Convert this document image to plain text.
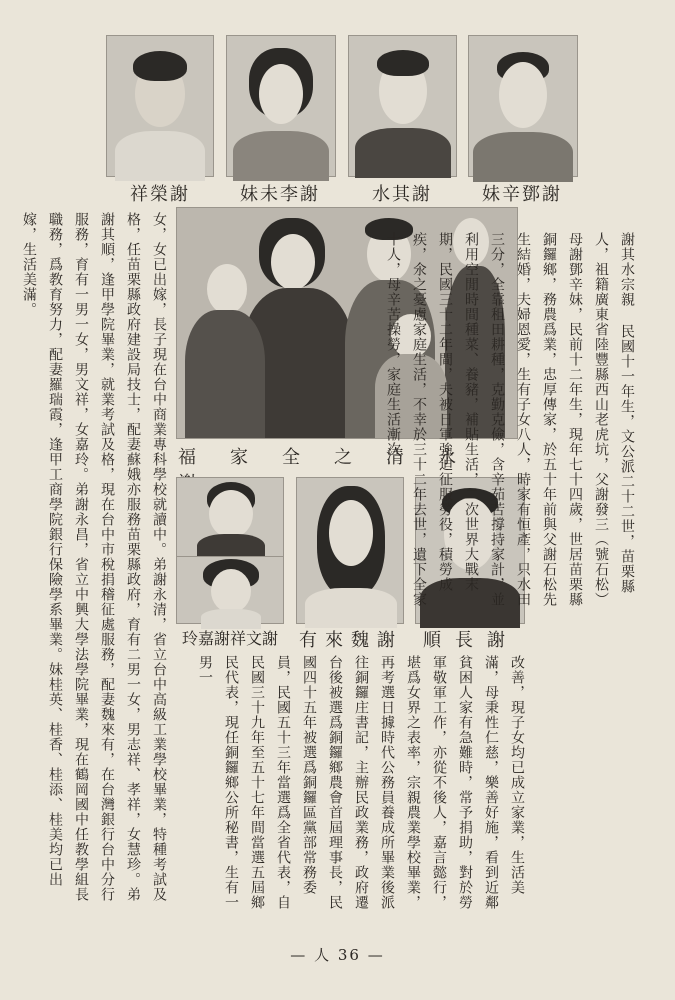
祥榮謝	妹未李謝	水其謝	妹辛鄧謝
福家全之清永
玲嘉謝祥文謝	有來魏謝 順長謝
謝其水宗親 民國十一年生，文公派二十二世，苗栗縣人，祖籍廣東省陸豐縣西山老虎坑，父謝發三（號石松）母謝鄧辛妹，民前十二年生，現年七十四歲，世居苗栗縣銅鑼鄉，務農爲業，忠厚傳家，於五十年前與父謝石松先生結婚，夫婦恩愛，生有子女八人，時家有恒產，只水田三分，全靠租田耕種，克勤克儉，含辛茹苦撐持家計，並利用空閒時間種菜、養豬，補貼生活，二次世界大戰末期，民國三十二年間，夫被日軍強迫征服勞役，積勞成疾，氽之憂慮家庭生活，不幸於三十二年去世，遺下全家十人，母辛苦操勞，家庭生活漸次
改善，現子女均已成立家業，生活美滿，母秉性仁慈，樂善好施，看到近鄰貧困人家有急難時，常予捐助，對於勞軍敬軍工作，亦從不後人，嘉言懿行，堪爲女界之表率，宗親農業學校畢業，再考選日據時代公務員養成所畢業後派往銅鑼庄書記，主辦民政業務，政府遷台後被選爲銅鑼鄉農會首屆理事長，民國四十五年被選爲銅鑼區黨部常務委員，民國五十三年當選爲全省代表，自民國三十九年至五十七年間當選五屆鄉民代表，現任銅鑼鄉公所秘書，生有一男一
女，女已出嫁，長子現在台中商業專科學校就讀中。弟謝永清，省立台中高級工業學校畢業，特種考試及格，任苗栗縣政府建設局技士，配妻蘇娥亦服務苗栗縣政府，育有二男一女，男志祥、孝祥，女慧珍。弟謝其順，逢甲學院畢業，就業考試及格，現在台中市稅捐稽征處服務，配妻魏來有，在台灣銀行台中分行服務，育有一男一女，男文祥，女嘉玲。弟謝永昌，省立中興大學法學院畢業，現在鶴岡國中任教學組長職務，爲教育努力，配妻羅瑞霞，逢甲工商學院銀行保險學系畢業。妹桂英、桂香、桂添、桂美均已出嫁，生活美滿。
— 人 36 —
